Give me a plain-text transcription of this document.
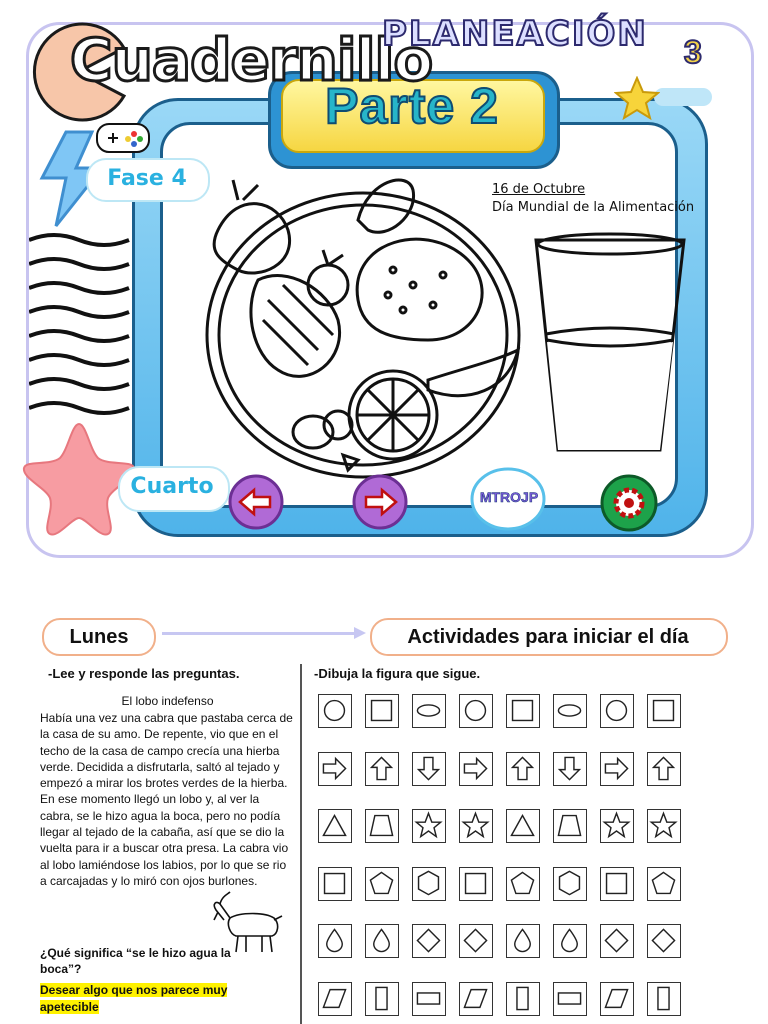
Parte 2
Cuadernillo
PLANEACIÓN 3
Fase 4	16 de Octubre
Día Mundial de la Alimentación
Cuarto	MTROJP
Lunes	Actividades para iniciar el día
-Lee y responde las preguntas.	-Dibuja la figura que sigue.
El lobo indefenso
Había una vez una cabra que pastaba cerca de la casa de su amo. De repente, vio que en el techo de la casa de campo crecía una hierba verde. Decidida a disfrutarla, saltó al tejado y empezó a mirar los brotes verdes de la hierba. En ese momento llegó un lobo y, al ver la cabra, se le hizo agua la boca, pero no podía llegar al tejado de la cabaña, así que se dio la vuelta para ir a buscar otra presa. La cabra vio al lobo lamiéndose los labios, por lo que se rio a carcajadas y lo miró con ojos burlones.
¿Qué significa “se le hizo agua la boca”?
Desear algo que nos parece muy apetecible
